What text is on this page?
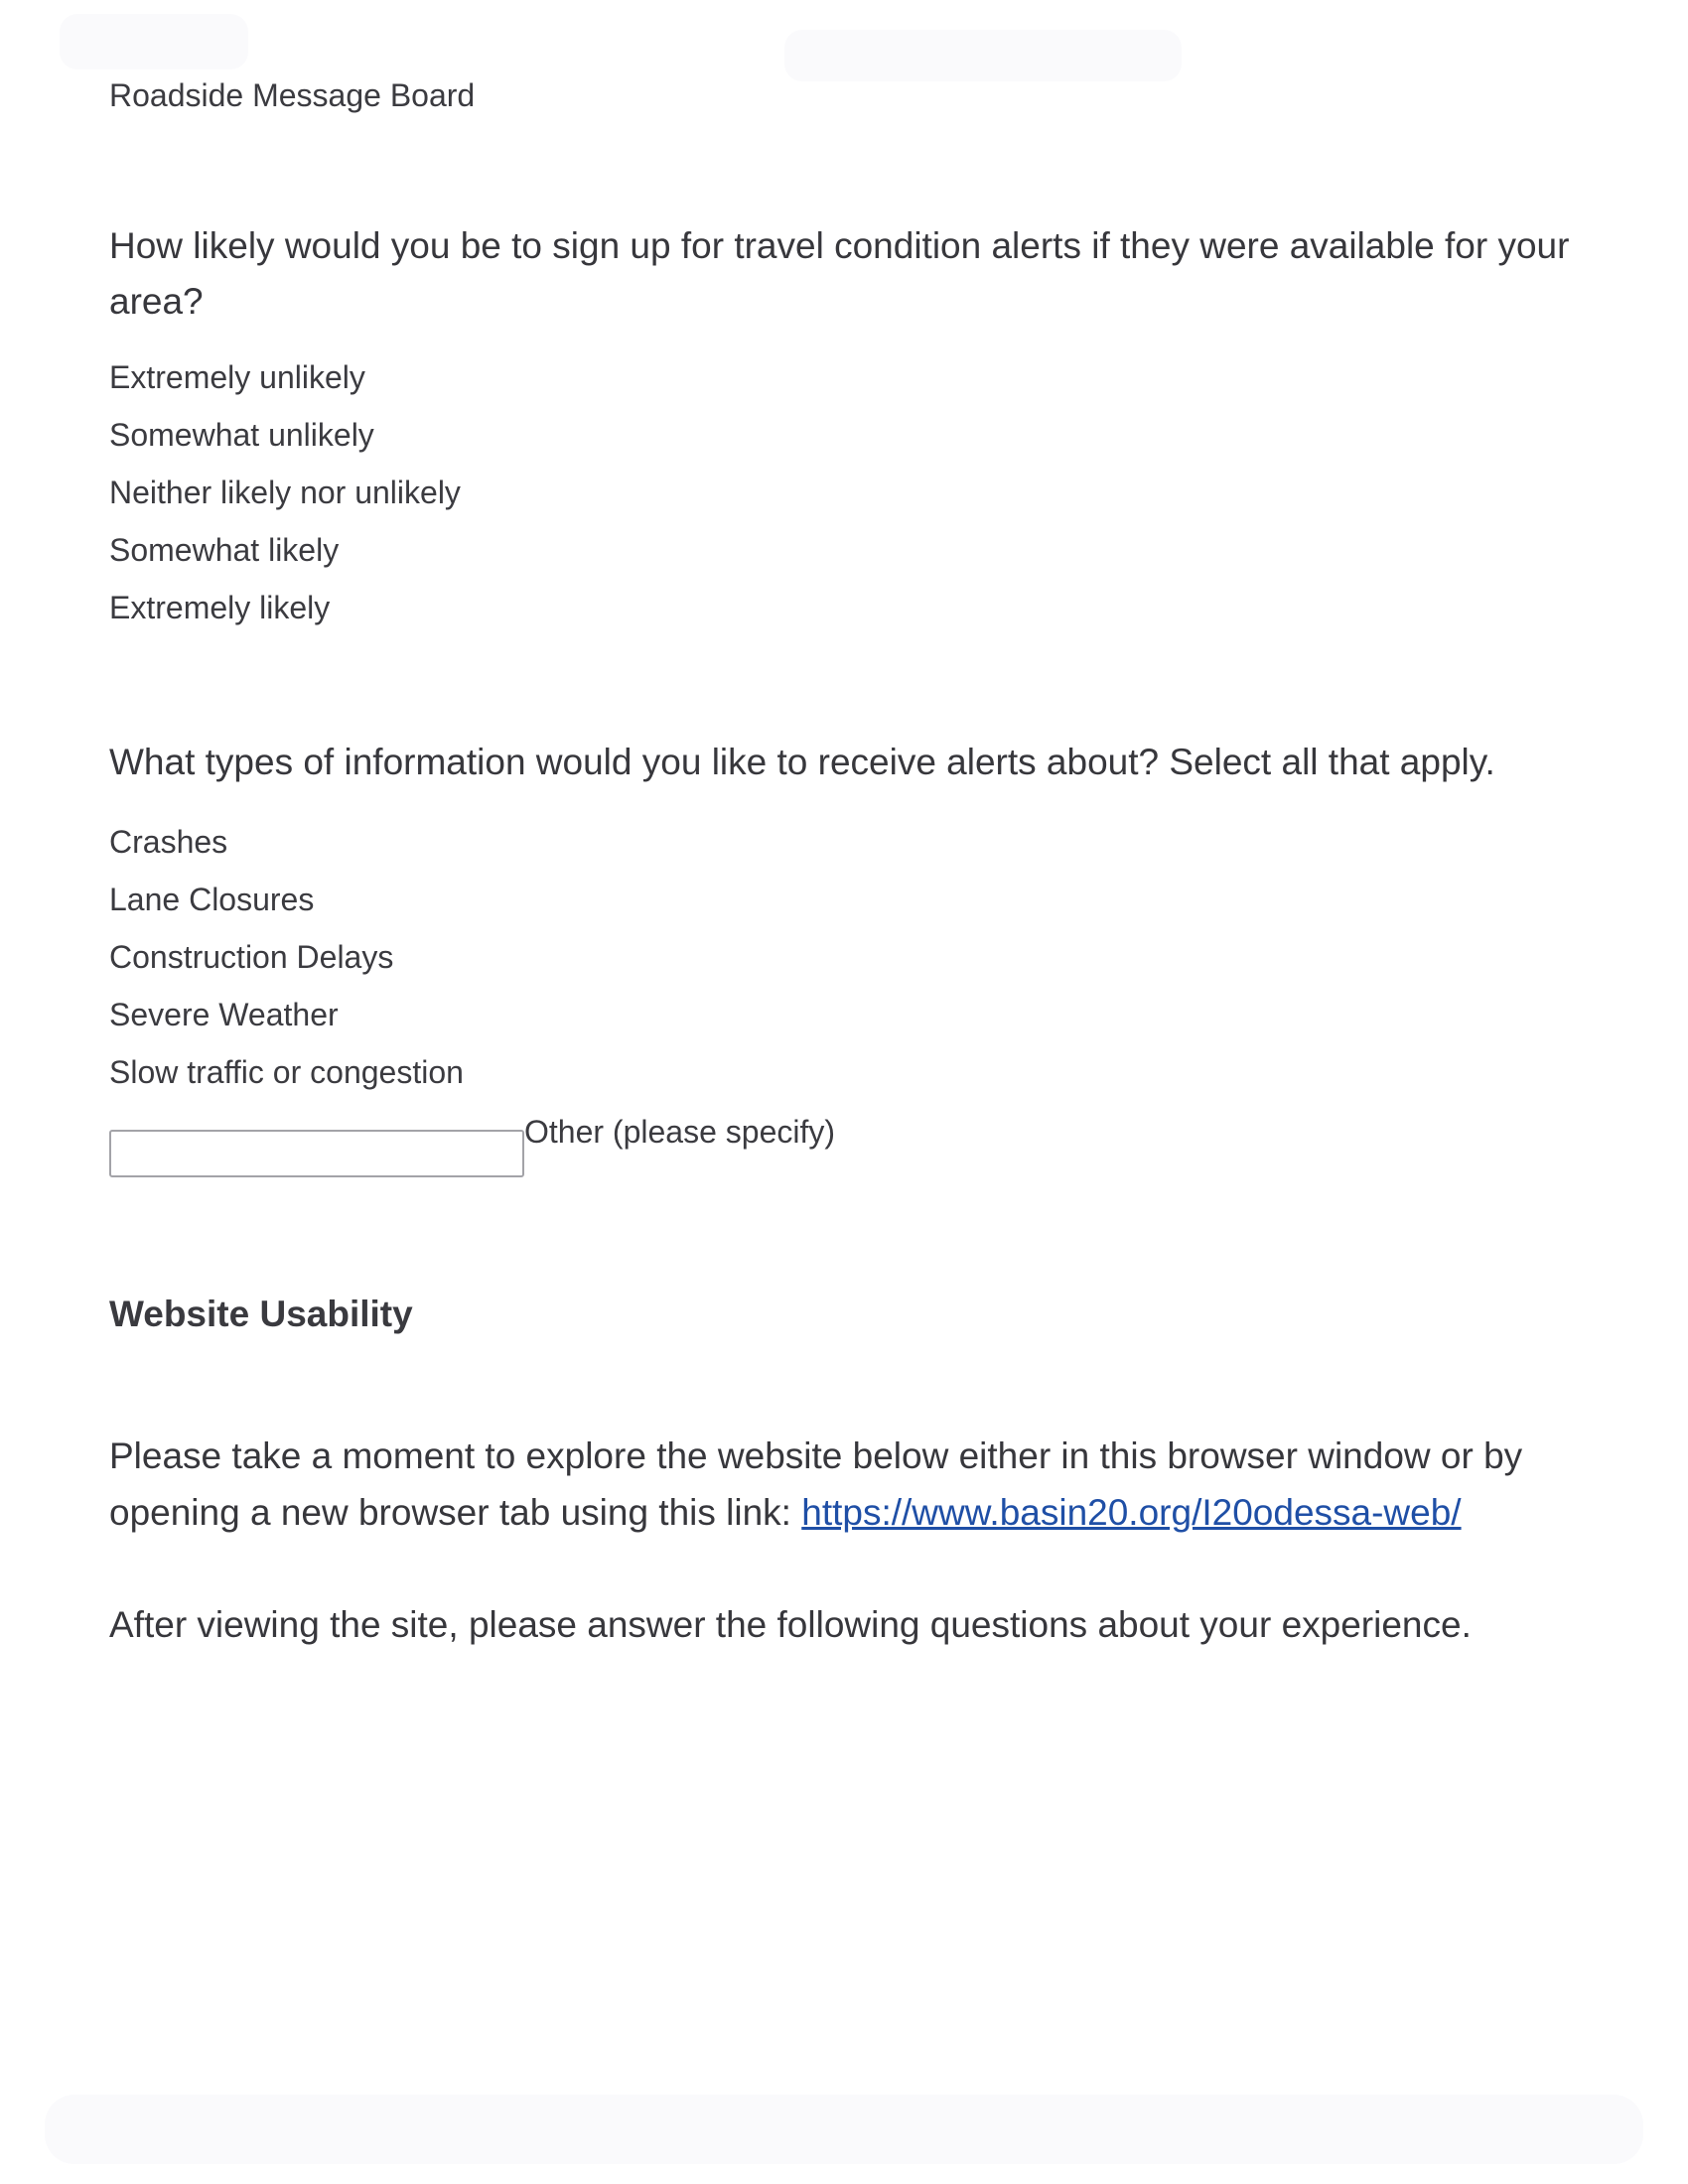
Roadside Message Board
How likely would you be to sign up for travel condition alerts if they were available for your area?
Extremely unlikely
Somewhat unlikely
Neither likely nor unlikely
Somewhat likely
Extremely likely
What types of information would you like to receive alerts about? Select all that apply.
Crashes
Lane Closures
Construction Delays
Severe Weather
Slow traffic or congestion
Other (please specify)
Website Usability
Please take a moment to explore the website below either in this browser window or by opening a new browser tab using this link: https://www.basin20.org/I20odessa-web/
After viewing the site, please answer the following questions about your experience.
